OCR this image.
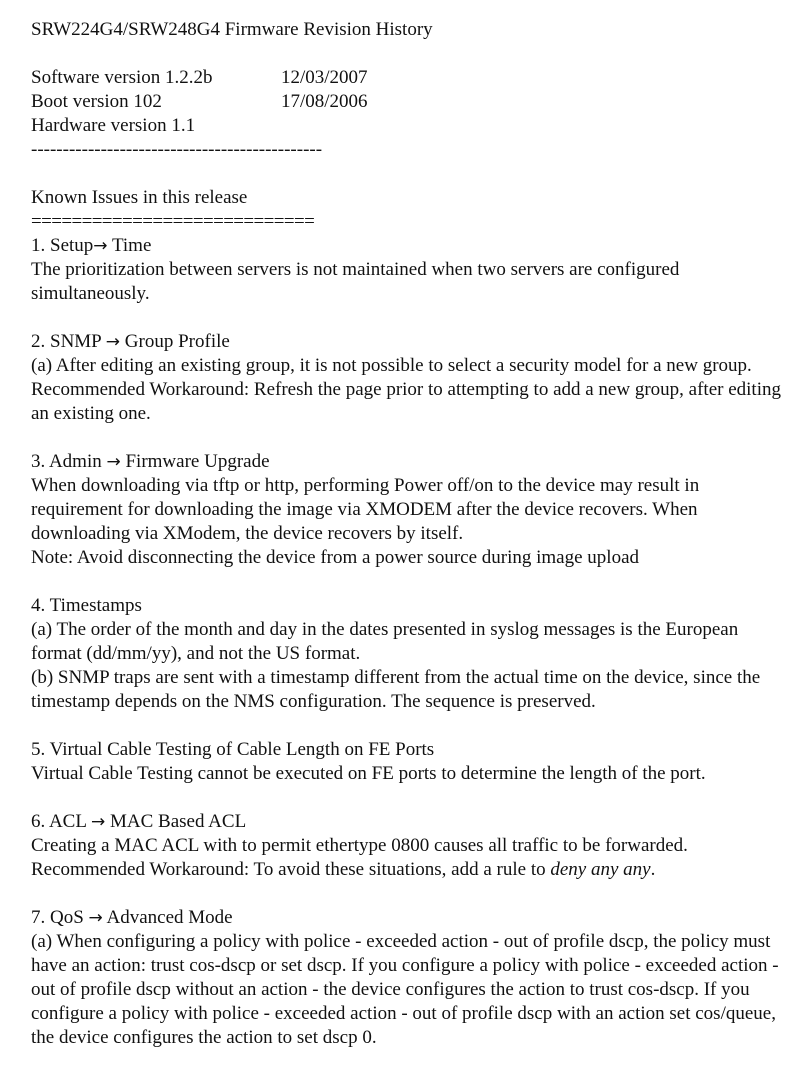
SRW224G4/SRW248G4 Firmware Revision History
Software version 1.2.2b	12/03/2007
Boot version 102	17/08/2006
Hardware version 1.1
----------------------------------------------
Known Issues in this release
============================
1. Setup→ Time
The prioritization between servers is not maintained when two servers are configured simultaneously.
2. SNMP → Group Profile
(a) After editing an existing group, it is not possible to select a security model for a new group.
Recommended Workaround: Refresh the page prior to attempting to add a new group, after editing an existing one.
3. Admin → Firmware Upgrade
When downloading via tftp or http, performing Power off/on to the device may result in requirement for downloading the image via XMODEM after the device recovers. When downloading via XModem, the device recovers by itself.
Note: Avoid disconnecting the device from a power source during image upload
4. Timestamps
(a) The order of the month and day in the dates presented in syslog messages is the European format (dd/mm/yy), and not the US format.
(b) SNMP traps are sent with a timestamp different from the actual time on the device, since the timestamp depends on the NMS configuration. The sequence is preserved.
5. Virtual Cable Testing of Cable Length on FE Ports
Virtual Cable Testing cannot be executed on FE ports to determine the length of the port.
6. ACL → MAC Based ACL
Creating a MAC ACL with to permit ethertype 0800 causes all traffic to be forwarded.
Recommended Workaround: To avoid these situations, add a rule to deny any any.
7. QoS → Advanced Mode
(a) When configuring a policy with police - exceeded action - out of profile dscp, the policy must have an action: trust cos-dscp or set dscp. If you configure a policy with police - exceeded action - out of profile dscp without an action - the device configures the action to trust cos-dscp. If you configure a policy with police - exceeded action - out of profile dscp with an action set cos/queue, the device configures the action to set dscp 0.
